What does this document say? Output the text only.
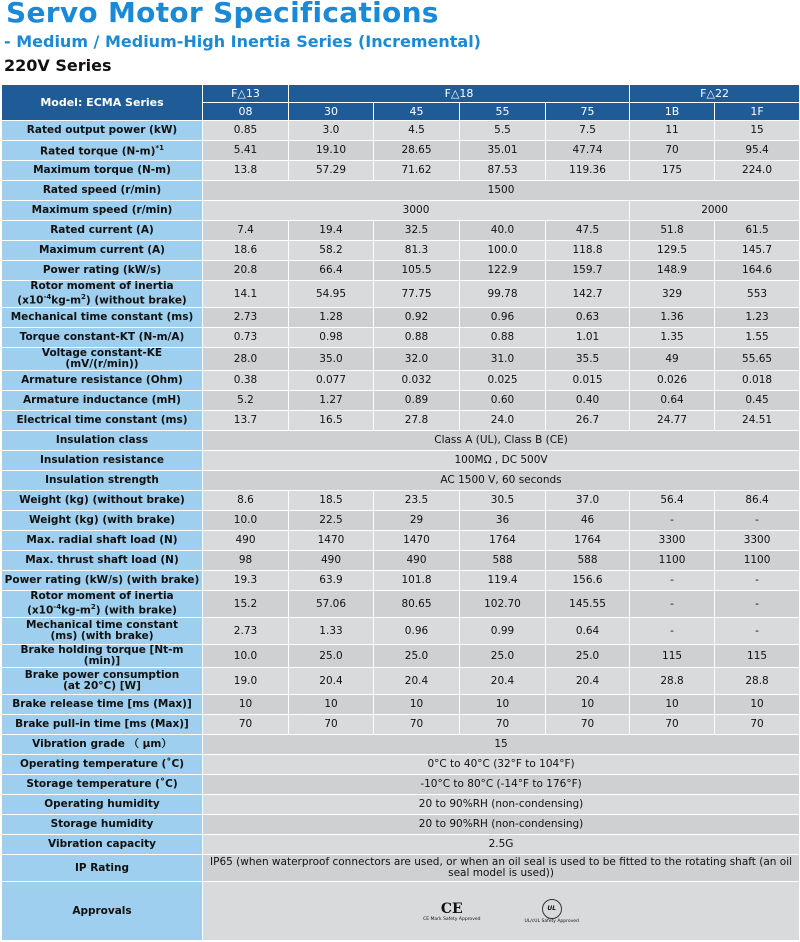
Servo Motor Specifications
- Medium / Medium-High Inertia Series (Incremental)
220V Series
Model: ECMA Series	F△13	F△18				F△22	
	08	30	45	55	75	1B	1F
Rated output power (kW)	0.85	3.0	4.5	5.5	7.5	11	15
Rated torque $(N-m)^{*1}$	5.41	19.10	28.65	35.01	47.74	70	95.4
Maximum torque (N-m)	13.8	57.29	71.62	87.53	119.36	175	224.0
Rated speed (r/min)	1500						
Maximum speed (r/min)	3000					2000	
Rated current (A)	7.4	19.4	32.5	40.0	47.5	51.8	61.5
Maximum current (A)	18.6	58.2	81.3	100.0	118.8	129.5	145.7
Power rating (kW/s)	20.8	66.4	105.5	122.9	159.7	148.9	164.6
Rotor moment of inertia
$(x10^{-4}kg-m^2)$ (without brake)	14.1	54.95	77.75	99.78	142.7	329	553
Mechanical time constant (ms)	2.73	1.28	0.92	0.96	0.63	1.36	1.23
Torque constant-KT (N-m/A)	0.73	0.98	0.88	0.88	1.01	1.35	1.55
Voltage constant-KE (mV/(r/min))	28.0	35.0	32.0	31.0	35.5	49	55.65
Armature resistance (Ohm)	0.38	0.077	0.032	0.025	0.015	0.026	0.018
Armature inductance (mH)	5.2	1.27	0.89	0.60	0.40	0.64	0.45
Electrical time constant (ms)	13.7	16.5	27.8	24.0	26.7	24.77	24.51
Insulation class	Class A (UL), Class B (CE)						
Insulation resistance	100MΩ , DC 500V						
Insulation strength	AC 1500 V, 60 seconds						
Weight (kg) (without brake)	8.6	18.5	23.5	30.5	37.0	56.4	86.4
Weight (kg) (with brake)	10.0	22.5	29	36	46	-	-
Max. radial shaft load (N)	490	1470	1470	1764	1764	3300	3300
Max. thrust shaft load (N)	98	490	490	588	588	1100	1100
Power rating (kW/s) (with brake)	19.3	63.9	101.8	119.4	156.6	-	-
Rotor moment of inertia
$(x10^{-4}kg-m^2)$ (with brake)	15.2	57.06	80.65	102.70	145.55	-	-
Mechanical time constant
(ms) (with brake)	2.73	1.33	0.96	0.99	0.64	-	-
Brake holding torque [Nt-m (min)]	10.0	25.0	25.0	25.0	25.0	115	115
Brake power consumption
(at 20°C) [W]	19.0	20.4	20.4	20.4	20.4	28.8	28.8
Brake release time [ms (Max)]	10	10	10	10	10	10	10
Brake pull-in time [ms (Max)]	70	70	70	70	70	70	70
Vibration grade （ μm）	15						
Operating temperature (˚C)	0°C to 40°C (32°F to 104°F)						
Storage temperature (˚C)	-10°C to 80°C (-14°F to 176°F)						
Operating humidity	20 to 90%RH (non-condensing)						
Storage humidity	20 to 90%RH (non-condensing)						
Vibration capacity	2.5G						
IP Rating	IP65 (when waterproof connectors are used, or when an oil seal is used to be fitted to the rotating shaft (an oil seal model is used))						
Approvals	CE
CE Mark Safety Approved
UL
UL/cUL Safety Approved						
